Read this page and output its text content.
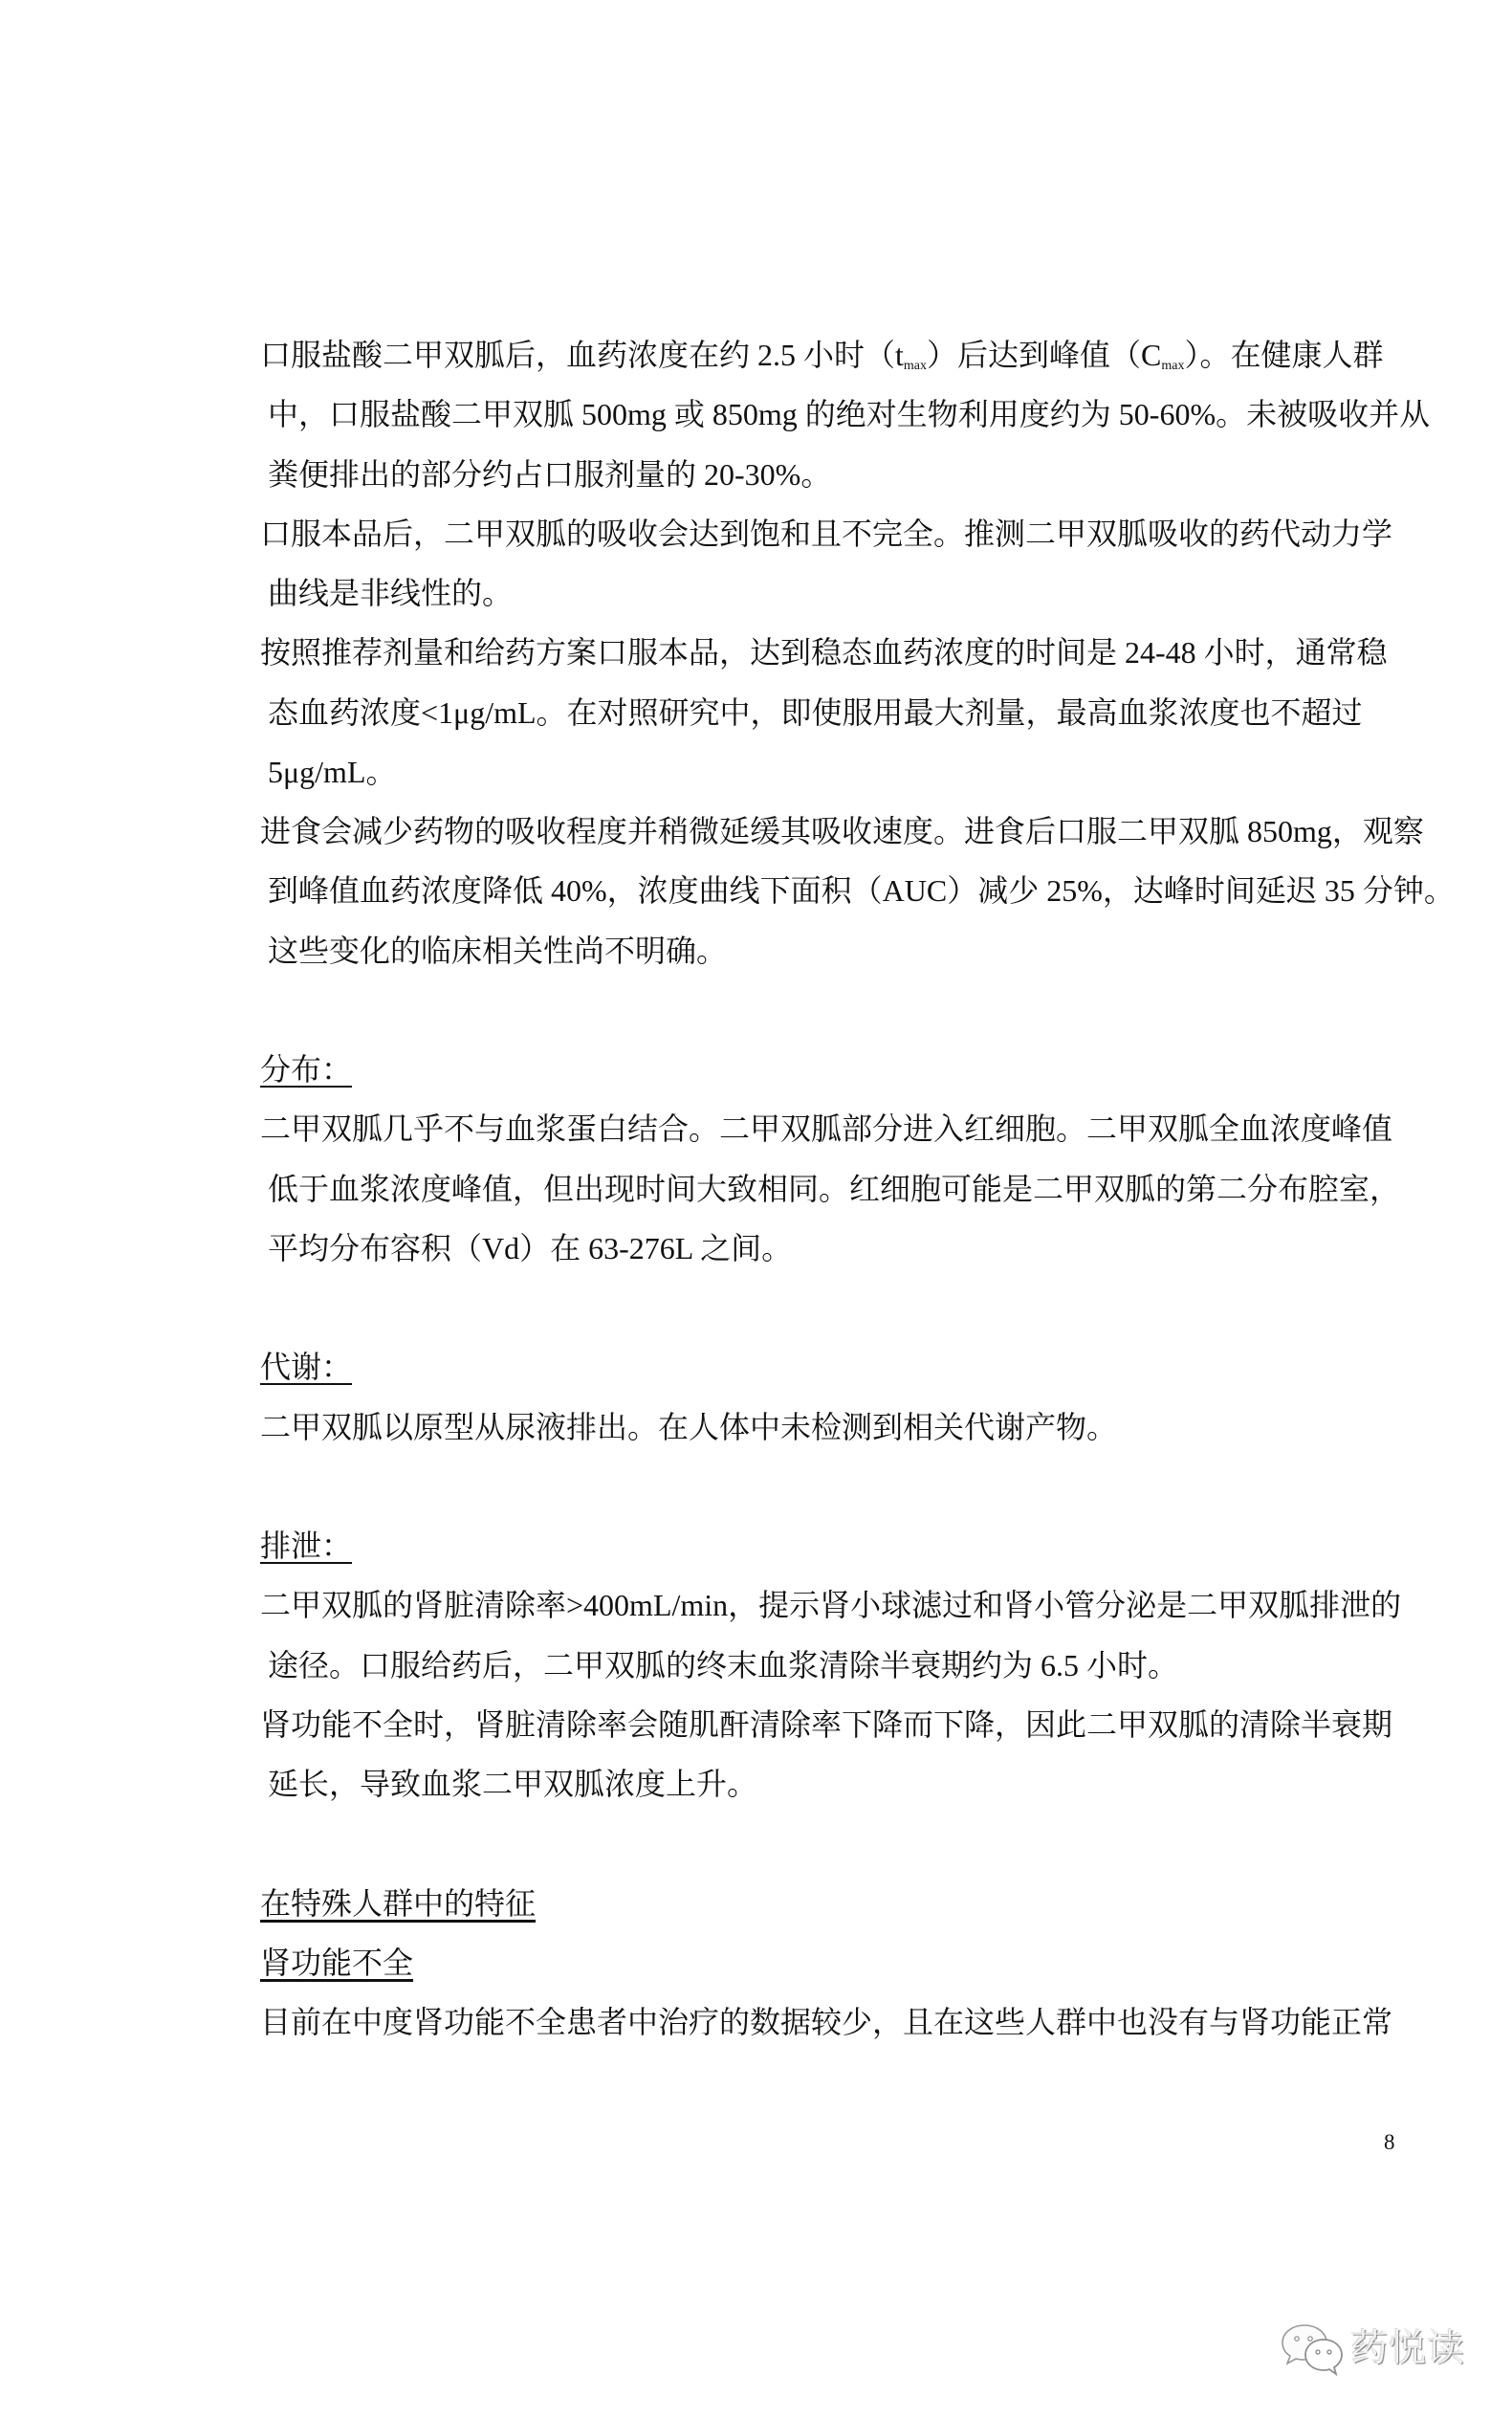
口服盐酸二甲双胍后，血药浓度在约 2.5 小时$(t_{max})$后达到峰值$(C_{max})$。在健康人群
中，口服盐酸二甲双胍 500mg 或 850mg 的绝对生物利用度约为 50-60%。未被吸收并从
粪便排出的部分约占口服剂量的 20-30%。
口服本品后，二甲双胍的吸收会达到饱和且不完全。推测二甲双胍吸收的药代动力学
曲线是非线性的。
按照推荐剂量和给药方案口服本品，达到稳态血药浓度的时间是 24-48 小时，通常稳
态血药浓度<1μg/mL。在对照研究中，即使服用最大剂量，最高血浆浓度也不超过
5μg/mL。
进食会减少药物的吸收程度并稍微延缓其吸收速度。进食后口服二甲双胍 850mg，观察
到峰值血药浓度降低 40%，浓度曲线下面积（AUC）减少 25%，达峰时间延迟 35 分钟。
这些变化的临床相关性尚不明确。
分布：
二甲双胍几乎不与血浆蛋白结合。二甲双胍部分进入红细胞。二甲双胍全血浓度峰值
低于血浆浓度峰值，但出现时间大致相同。红细胞可能是二甲双胍的第二分布腔室，
平均分布容积（Vd）在 63-276L 之间。
代谢：
二甲双胍以原型从尿液排出。在人体中未检测到相关代谢产物。
排泄：
二甲双胍的肾脏清除率>400mL/min，提示肾小球滤过和肾小管分泌是二甲双胍排泄的
途径。口服给药后，二甲双胍的终末血浆清除半衰期约为 6.5 小时。
肾功能不全时，肾脏清除率会随肌酐清除率下降而下降，因此二甲双胍的清除半衰期
延长，导致血浆二甲双胍浓度上升。
在特殊人群中的特征
肾功能不全
目前在中度肾功能不全患者中治疗的数据较少，且在这些人群中也没有与肾功能正常
8
药悦读
